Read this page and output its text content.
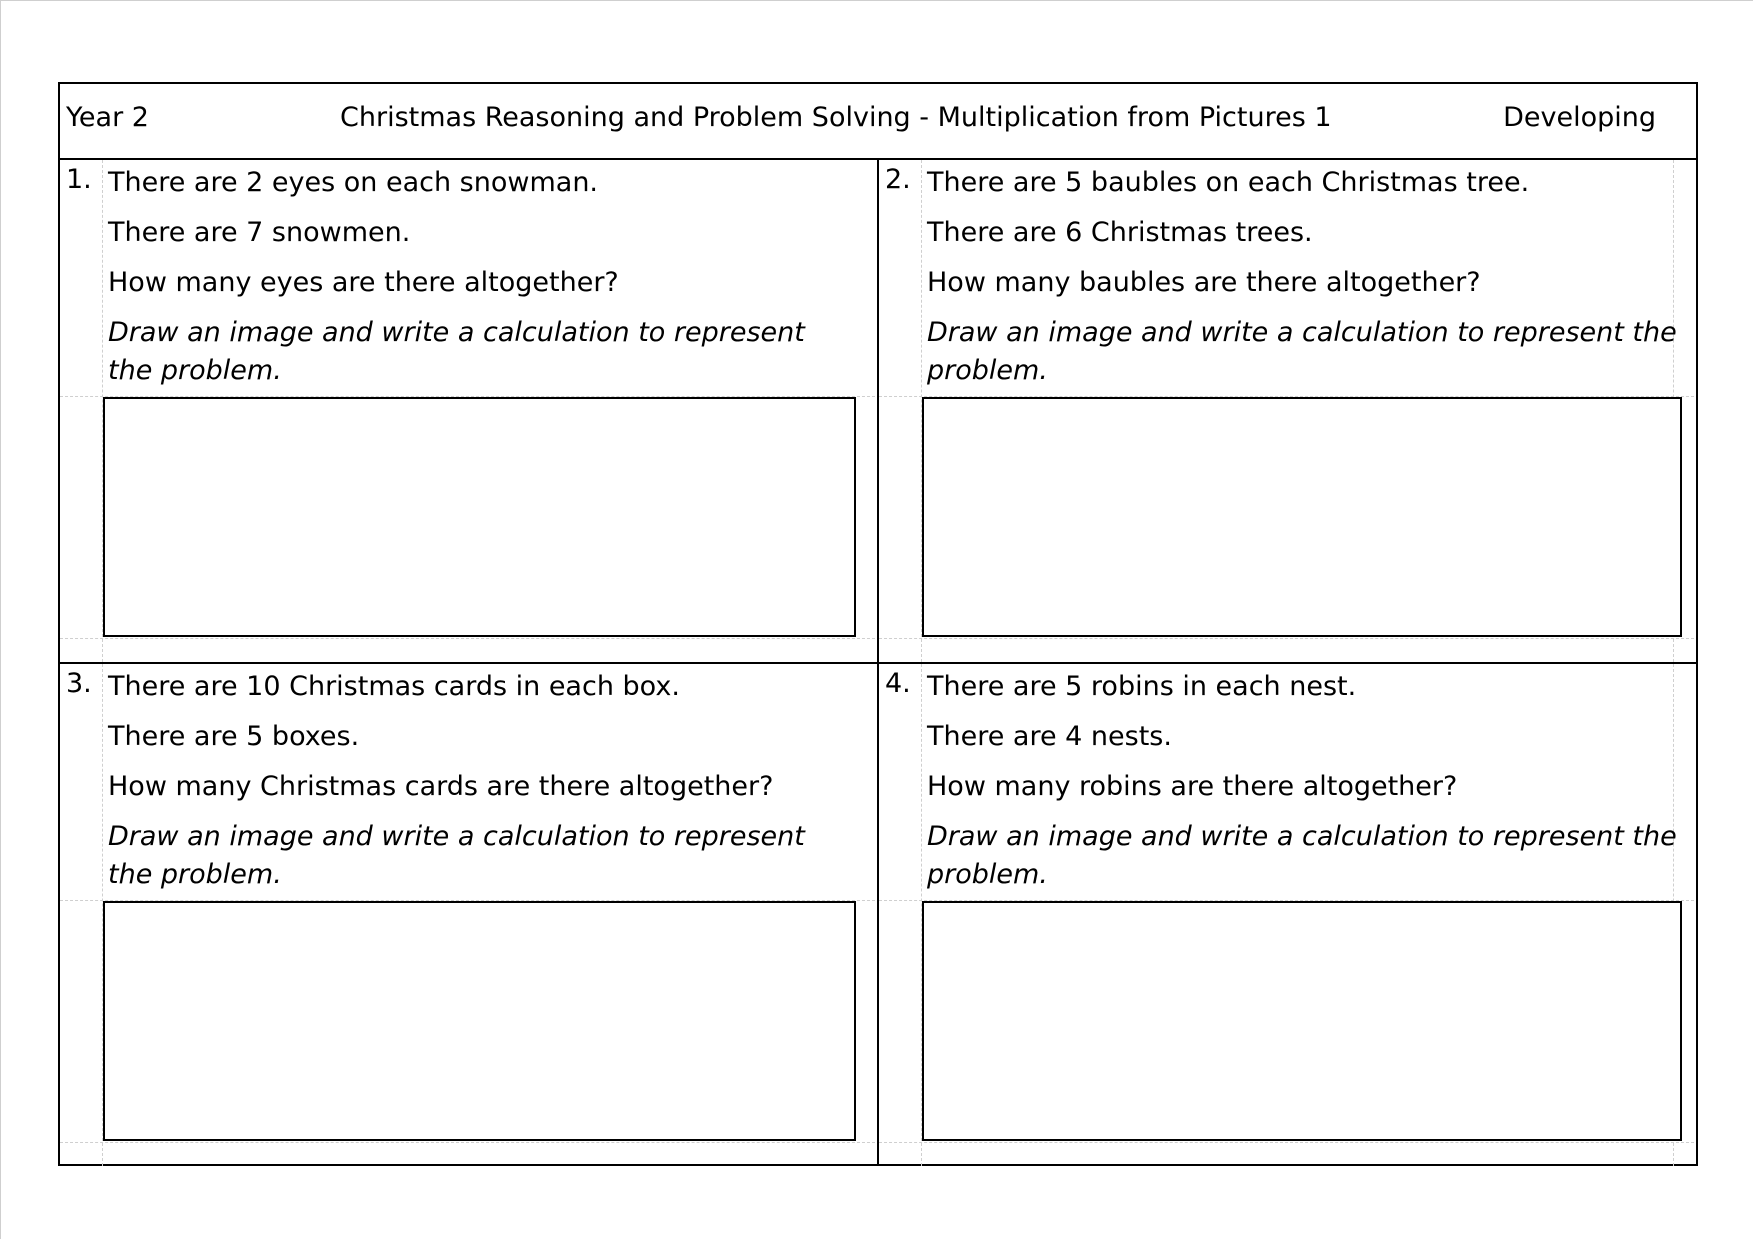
Year 2	Christmas Reasoning and Problem Solving - Multiplication from Pictures 1	Developing
1. There are 2 eyes on each snowman.
There are 7 snowmen.
How many eyes are there altogether?
Draw an image and write a calculation to represent the problem.
2. There are 5 baubles on each Christmas tree.
There are 6 Christmas trees.
How many baubles are there altogether?
Draw an image and write a calculation to represent the problem.
3. There are 10 Christmas cards in each box.
There are 5 boxes.
How many Christmas cards are there altogether?
Draw an image and write a calculation to represent the problem.
4. There are 5 robins in each nest.
There are 4 nests.
How many robins are there altogether?
Draw an image and write a calculation to represent the problem.
